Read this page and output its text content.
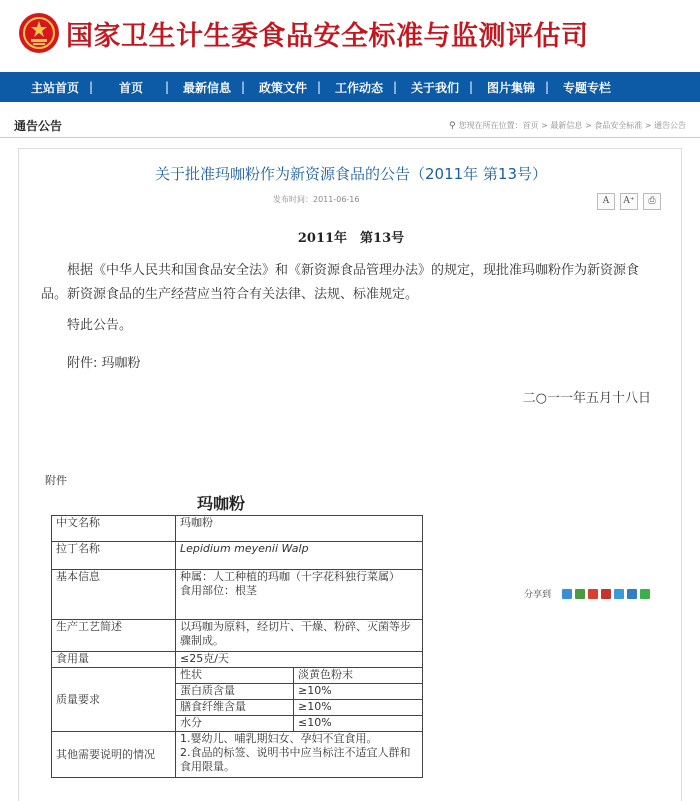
国家卫生计生委食品安全标准与监测评估司
主站首页 |	首页	|	最新信息 |	政策文件 |	工作动态 |	关于我们 |	图片集锦 |	专题专栏
通告公告	⚲ 您现在所在位置：首页 > 最新信息 > 食品安全标准 > 通告公告
关于批准玛咖粉作为新资源食品的公告（2011年 第13号）
发布时间：2011-06-16	A	A⁺	⎙
2011年　第13号
根据《中华人民共和国食品安全法》和《新资源食品管理办法》的规定，现批准玛咖粉作为新资源食品。新资源食品的生产经营应当符合有关法律、法规、标准规定。
特此公告。
附件: 玛咖粉
二○一一年五月十八日
附件
玛咖粉
中文名称	玛咖粉	
拉丁名称	Lepidium meyenii Walp	
基本信息	种属：人工种植的玛咖（十字花科独行菜属）
食用部位：根茎	

生产工艺简述	以玛咖为原料，经切片、干燥、粉碎、灭菌等步骤制成。	
食用量	≤25克/天	
质量要求	性状	淡黄色粉末
	蛋白质含量	≥10%
	膳食纤维含量	≥10%
	水分	≤10%
其他需要说明的情况	1.婴幼儿、哺乳期妇女、孕妇不宜食用。
2.食品的标签、说明书中应当标注不适宜人群和食用限量。	
分享到
